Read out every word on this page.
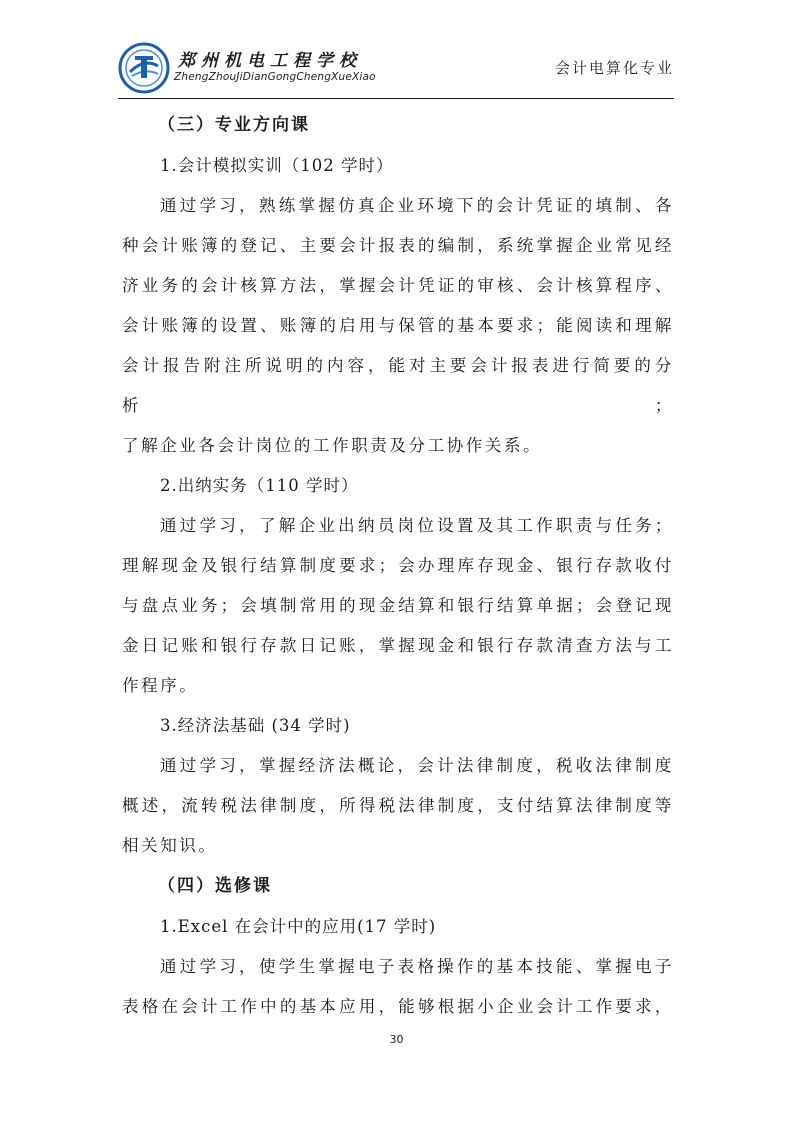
郑州机电工程学校
ZhengZhouJiDianGongChengXueXiao	会计电算化专业
（三）专业方向课
1.会计模拟实训（102 学时）
通过学习，熟练掌握仿真企业环境下的会计凭证的填制、各
种会计账簿的登记、主要会计报表的编制，系统掌握企业常见经
济业务的会计核算方法，掌握会计凭证的审核、会计核算程序、
会计账簿的设置、账簿的启用与保管的基本要求；能阅读和理解
会计报告附注所说明的内容，能对主要会计报表进行简要的分析；
了解企业各会计岗位的工作职责及分工协作关系。
2.出纳实务（110 学时）
通过学习，了解企业出纳员岗位设置及其工作职责与任务；
理解现金及银行结算制度要求；会办理库存现金、银行存款收付
与盘点业务；会填制常用的现金结算和银行结算单据；会登记现
金日记账和银行存款日记账，掌握现金和银行存款清查方法与工
作程序。
3.经济法基础 (34 学时)
通过学习，掌握经济法概论，会计法律制度，税收法律制度
概述，流转税法律制度，所得税法律制度，支付结算法律制度等
相关知识。
（四）选修课
1.Excel 在会计中的应用(17 学时)
通过学习，使学生掌握电子表格操作的基本技能、掌握电子
表格在会计工作中的基本应用，能够根据小企业会计工作要求，
30
